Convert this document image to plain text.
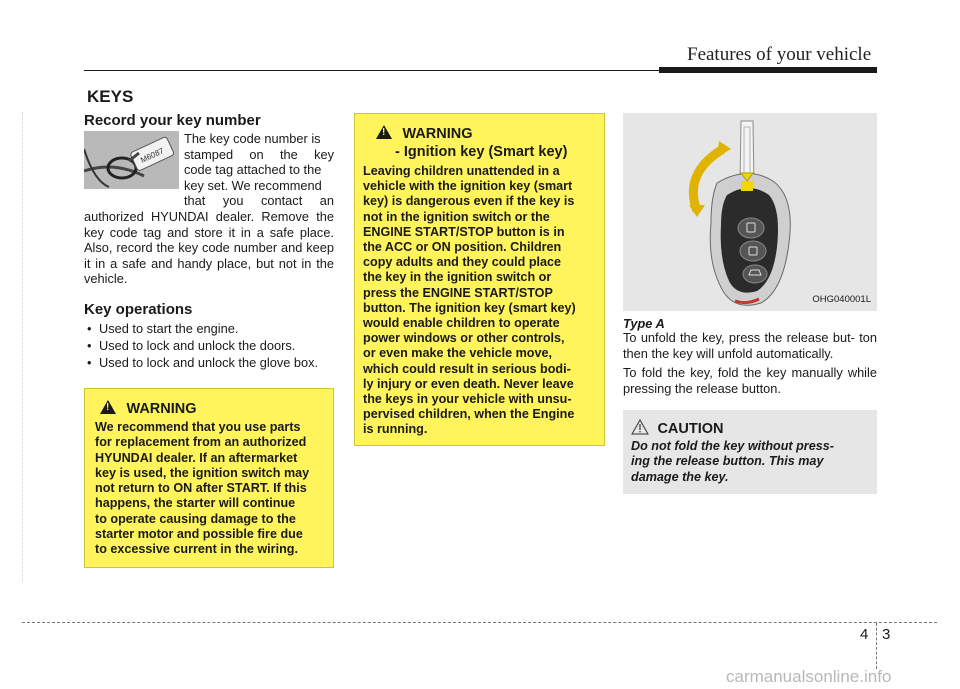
Features of your vehicle
KEYS
Record your key number
M6087
The key code number is
stamped on the key
code tag attached to the
key set. We recommend
that you contact an
authorized HYUNDAI dealer. Remove the key code tag and store it in a safe place. Also, record the key code number and keep it in a safe and handy place, but not in the vehicle.
Key operations
• Used to start the engine.
• Used to lock and unlock the doors.
• Used to lock and unlock the glove box.
! WARNING
We recommend that you use parts
for replacement from an authorized
HYUNDAI dealer. If an aftermarket
key is used, the ignition switch may
not return to ON after START. If this
happens, the starter will continue
to operate causing damage to the
starter motor and possible fire due
to excessive current in the wiring.
! WARNING
- Ignition key (Smart key)
Leaving children unattended in a
vehicle with the ignition key (smart
key) is dangerous even if the key is
not in the ignition switch or the
ENGINE START/STOP button is in
the ACC or ON position. Children
copy adults and they could place
the key in the ignition switch or
press the ENGINE START/STOP
button. The ignition key (smart key)
would enable children to operate
power windows or other controls,
or even make the vehicle move,
which could result in serious bodi-
ly injury or even death. Never leave
the keys in your vehicle with unsu-
pervised children, when the Engine
is running.
OHG040001L
Type A
To unfold the key, press the release but- ton then the key will unfold automatically.
To fold the key, fold the key manually while pressing the release button.
CAUTION
Do not fold the key without press-
ing the release button. This may
damage the key.
4 3
carmanualsonline.info
